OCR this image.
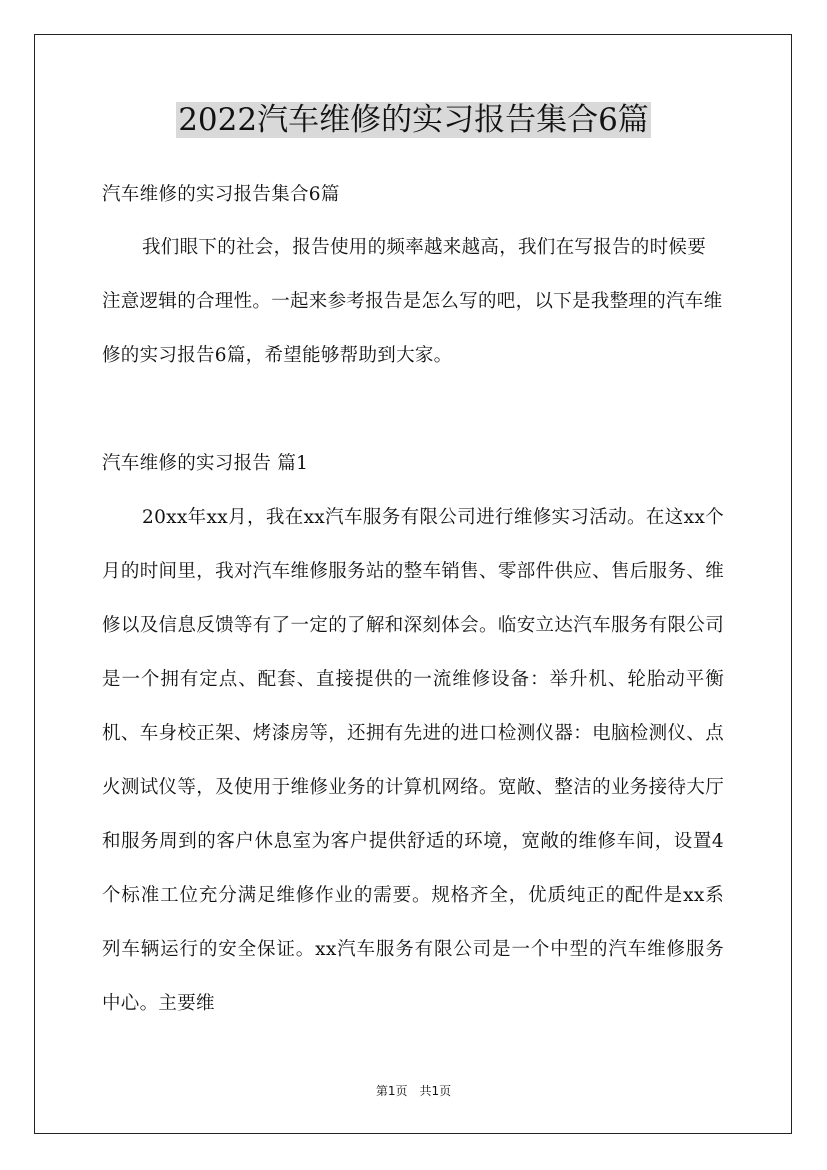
2022汽车维修的实习报告集合6篇
汽车维修的实习报告集合6篇
我们眼下的社会，报告使用的频率越来越高，我们在写报告的时候要注意逻辑的合理性。一起来参考报告是怎么写的吧，以下是我整理的汽车维修的实习报告6篇，希望能够帮助到大家。
汽车维修的实习报告 篇1
20xx年xx月，我在xx汽车服务有限公司进行维修实习活动。在这xx个月的时间里，我对汽车维修服务站的整车销售、零部件供应、售后服务、维修以及信息反馈等有了一定的了解和深刻体会。临安立达汽车服务有限公司是一个拥有定点、配套、直接提供的一流维修设备：举升机、轮胎动平衡机、车身校正架、烤漆房等，还拥有先进的进口检测仪器：电脑检测仪、点火测试仪等，及使用于维修业务的计算机网络。宽敞、整洁的业务接待大厅和服务周到的客户休息室为客户提供舒适的环境，宽敞的维修车间，设置4个标准工位充分满足维修作业的需要。规格齐全，优质纯正的配件是xx系列车辆运行的安全保证。xx汽车服务有限公司是一个中型的汽车维修服务中心。主要维
第1页　共1页
